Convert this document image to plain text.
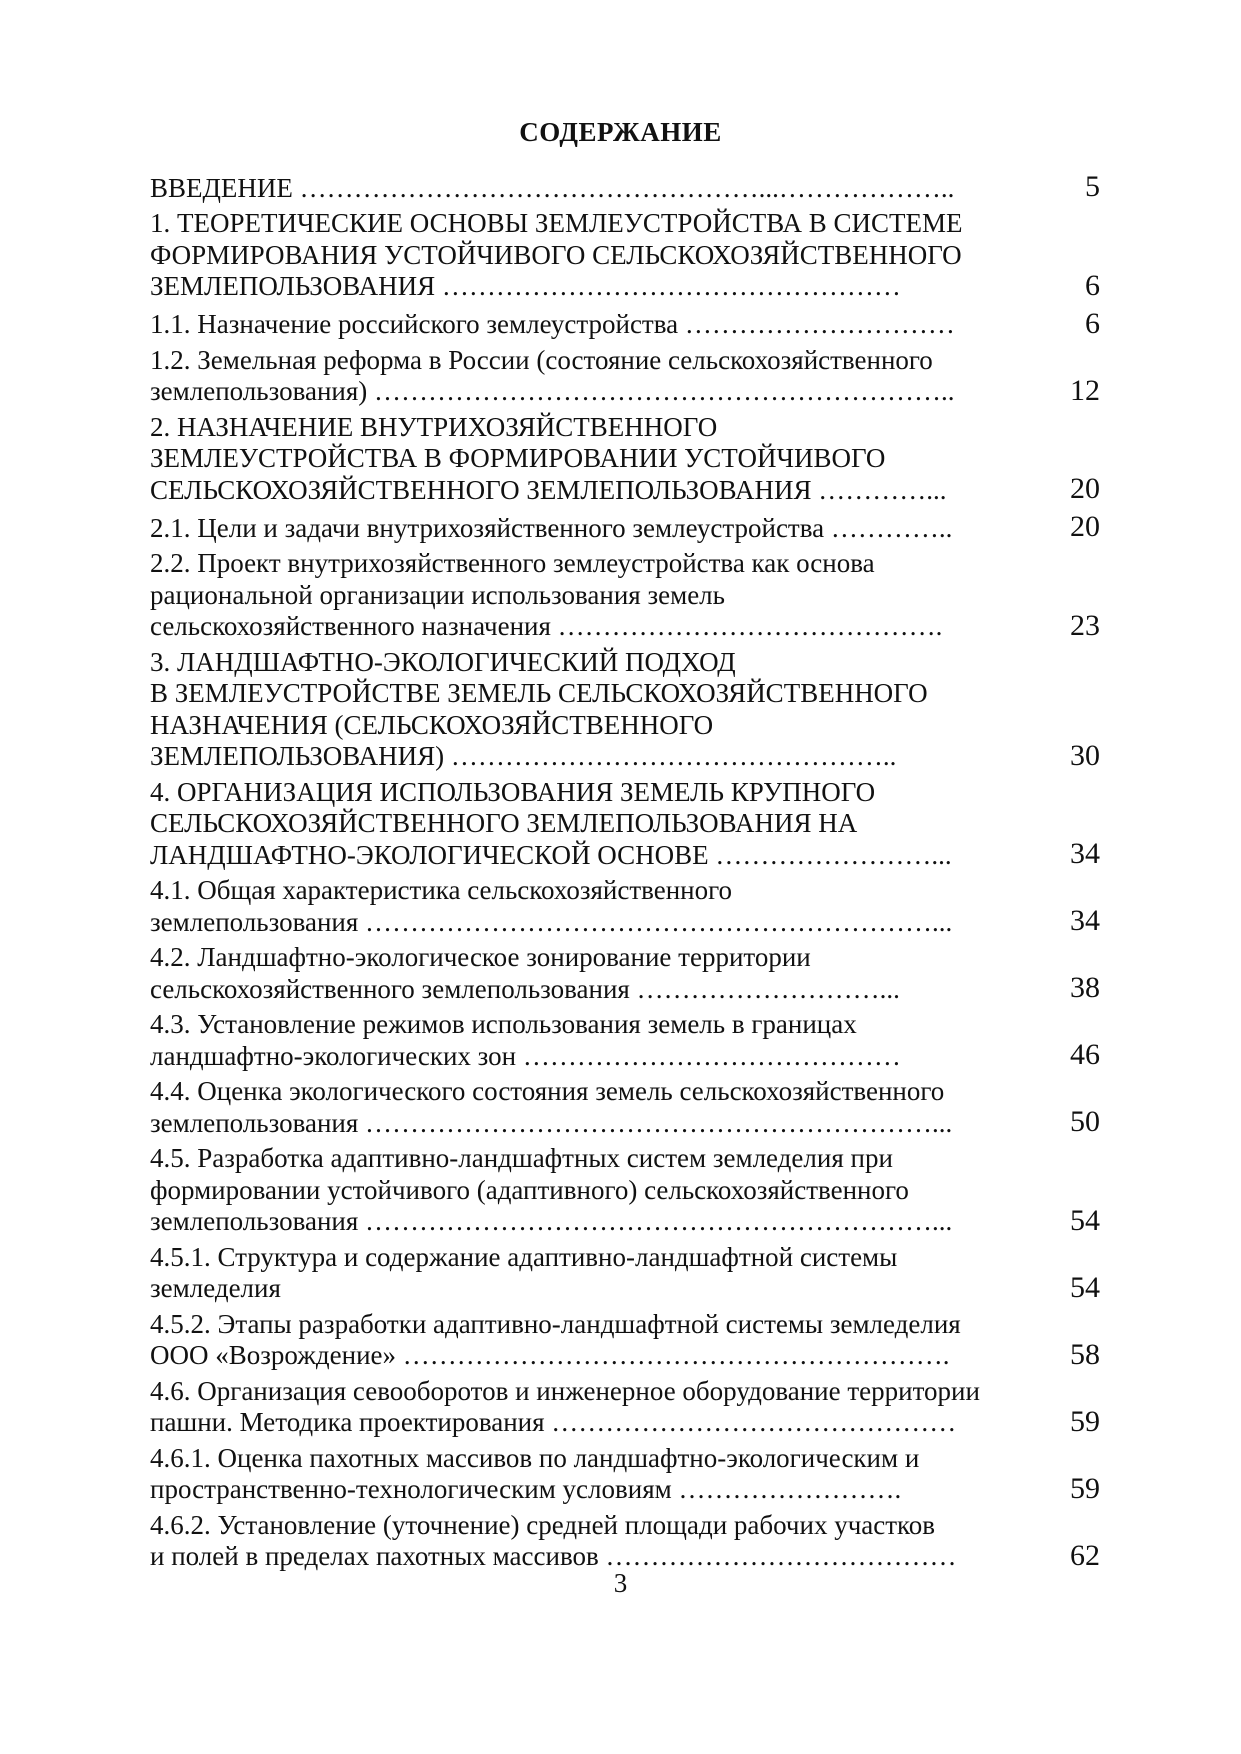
СОДЕРЖАНИЕ
ВВЕДЕНИЕ ……………………………………………...………………..	5
1. ТЕОРЕТИЧЕСКИЕ ОСНОВЫ ЗЕМЛЕУСТРОЙСТВА В СИСТЕМЕ
ФОРМИРОВАНИЯ УСТОЙЧИВОГО СЕЛЬСКОХОЗЯЙСТВЕННОГО
ЗЕМЛЕПОЛЬЗОВАНИЯ ……………………………………………	6
1.1. Назначение российского землеустройства …………………………	6
1.2. Земельная реформа в России (состояние сельскохозяйственного
землепользования) ………………………………………………………..	12
2. НАЗНАЧЕНИЕ ВНУТРИХОЗЯЙСТВЕННОГО
ЗЕМЛЕУСТРОЙСТВА В ФОРМИРОВАНИИ УСТОЙЧИВОГО
СЕЛЬСКОХОЗЯЙСТВЕННОГО ЗЕМЛЕПОЛЬЗОВАНИЯ …………...	20
2.1. Цели и задачи внутрихозяйственного землеустройства …………..	20
2.2. Проект внутрихозяйственного землеустройства как основа
рациональной организации использования земель
сельскохозяйственного назначения …………………………………….	23
3. ЛАНДШАФТНО-ЭКОЛОГИЧЕСКИЙ ПОДХОД
В ЗЕМЛЕУСТРОЙСТВЕ ЗЕМЕЛЬ СЕЛЬСКОХОЗЯЙСТВЕННОГО
НАЗНАЧЕНИЯ (СЕЛЬСКОХОЗЯЙСТВЕННОГО
ЗЕМЛЕПОЛЬЗОВАНИЯ) …………………………………………..	30
4. ОРГАНИЗАЦИЯ ИСПОЛЬЗОВАНИЯ ЗЕМЕЛЬ КРУПНОГО
СЕЛЬСКОХОЗЯЙСТВЕННОГО ЗЕМЛЕПОЛЬЗОВАНИЯ НА
ЛАНДШАФТНО-ЭКОЛОГИЧЕСКОЙ ОСНОВЕ ……………………...	34
4.1. Общая характеристика сельскохозяйственного
землепользования ………………………………………………………...	34
4.2. Ландшафтно-экологическое зонирование территории
сельскохозяйственного землепользования ………………………...	38
4.3. Установление режимов использования земель в границах
ландшафтно-экологических зон ……………………………………	46
4.4. Оценка экологического состояния земель сельскохозяйственного
землепользования ………………………………………………………...	50
4.5. Разработка адаптивно-ландшафтных систем земледелия при
формировании устойчивого (адаптивного) сельскохозяйственного
землепользования ………………………………………………………...	54
4.5.1. Структура и содержание адаптивно-ландшафтной системы
земледелия	54
4.5.2. Этапы разработки адаптивно-ландшафтной системы земледелия
ООО «Возрождение» …………………………………………………….	58
4.6. Организация севооборотов и инженерное оборудование территории
пашни. Методика проектирования ………………………………………	59
4.6.1. Оценка пахотных массивов по ландшафтно-экологическим и
пространственно-технологическим условиям …………………….	59
4.6.2. Установление (уточнение) средней площади рабочих участков
и полей в пределах пахотных массивов …………………………………	62
3
